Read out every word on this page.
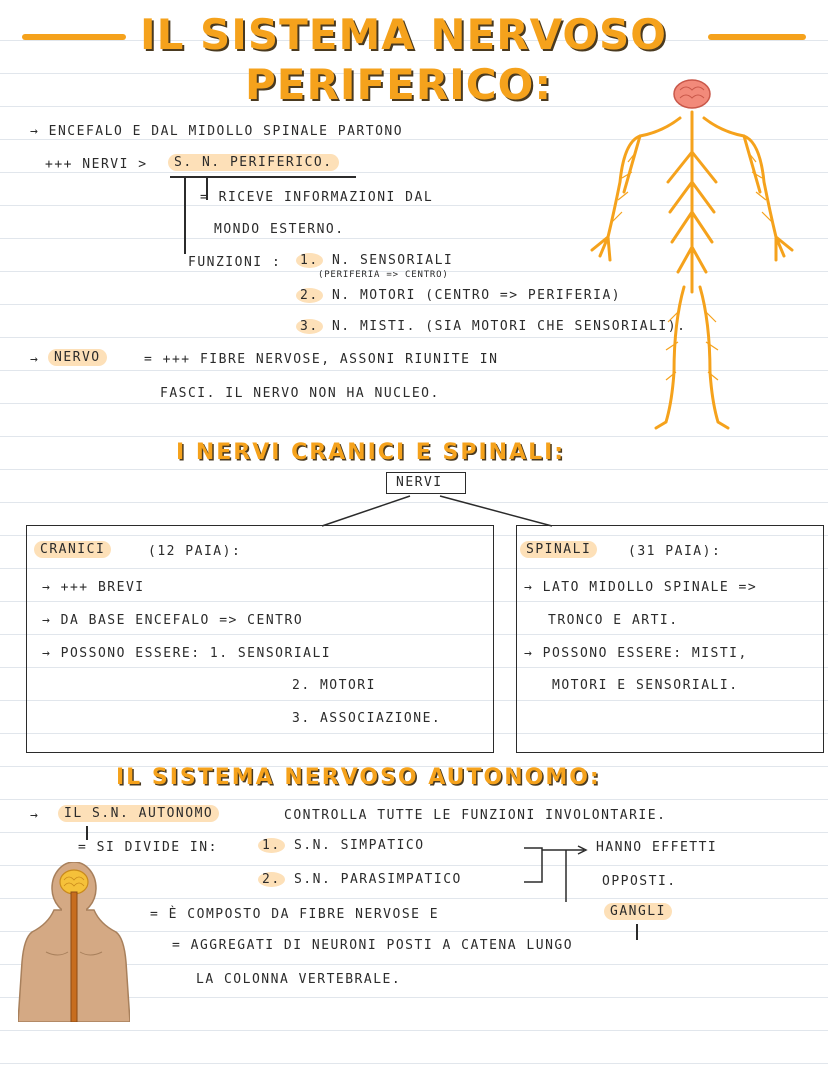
IL SISTEMA NERVOSO
PERIFERICO:
→ ENCEFALO E DAL MIDOLLO SPINALE PARTONO
+++ NERVI >	S. N. PERIFERICO.
= RICEVE INFORMAZIONI DAL
MONDO ESTERNO.
FUNZIONI :	1. N. SENSORIALI
(PERIFERIA => CENTRO)
2. N. MOTORI (CENTRO => PERIFERIA)
3. N. MISTI. (SIA MOTORI CHE SENSORIALI).
→	NERVO	= +++ FIBRE NERVOSE, ASSONI RIUNITE IN
FASCI. IL NERVO NON HA NUCLEO.
I NERVI CRANICI E SPINALI:
NERVI
CRANICI	(12 PAIA):
→ +++ BREVI
→ DA BASE ENCEFALO => CENTRO
→ POSSONO ESSERE: 1. SENSORIALI
2. MOTORI
3. ASSOCIAZIONE.
SPINALI	(31 PAIA):
→ LATO MIDOLLO SPINALE =>
TRONCO E ARTI.
→ POSSONO ESSERE: MISTI,
MOTORI E SENSORIALI.
IL SISTEMA NERVOSO AUTONOMO:
→	IL S.N. AUTONOMO	CONTROLLA TUTTE LE FUNZIONI INVOLONTARIE.
= SI DIVIDE IN:	1. S.N. SIMPATICO
2. S.N. PARASIMPATICO
HANNO EFFETTI
OPPOSTI.
= È COMPOSTO DA FIBRE NERVOSE E	GANGLI
= AGGREGATI DI NEURONI POSTI A CATENA LUNGO
LA COLONNA VERTEBRALE.
